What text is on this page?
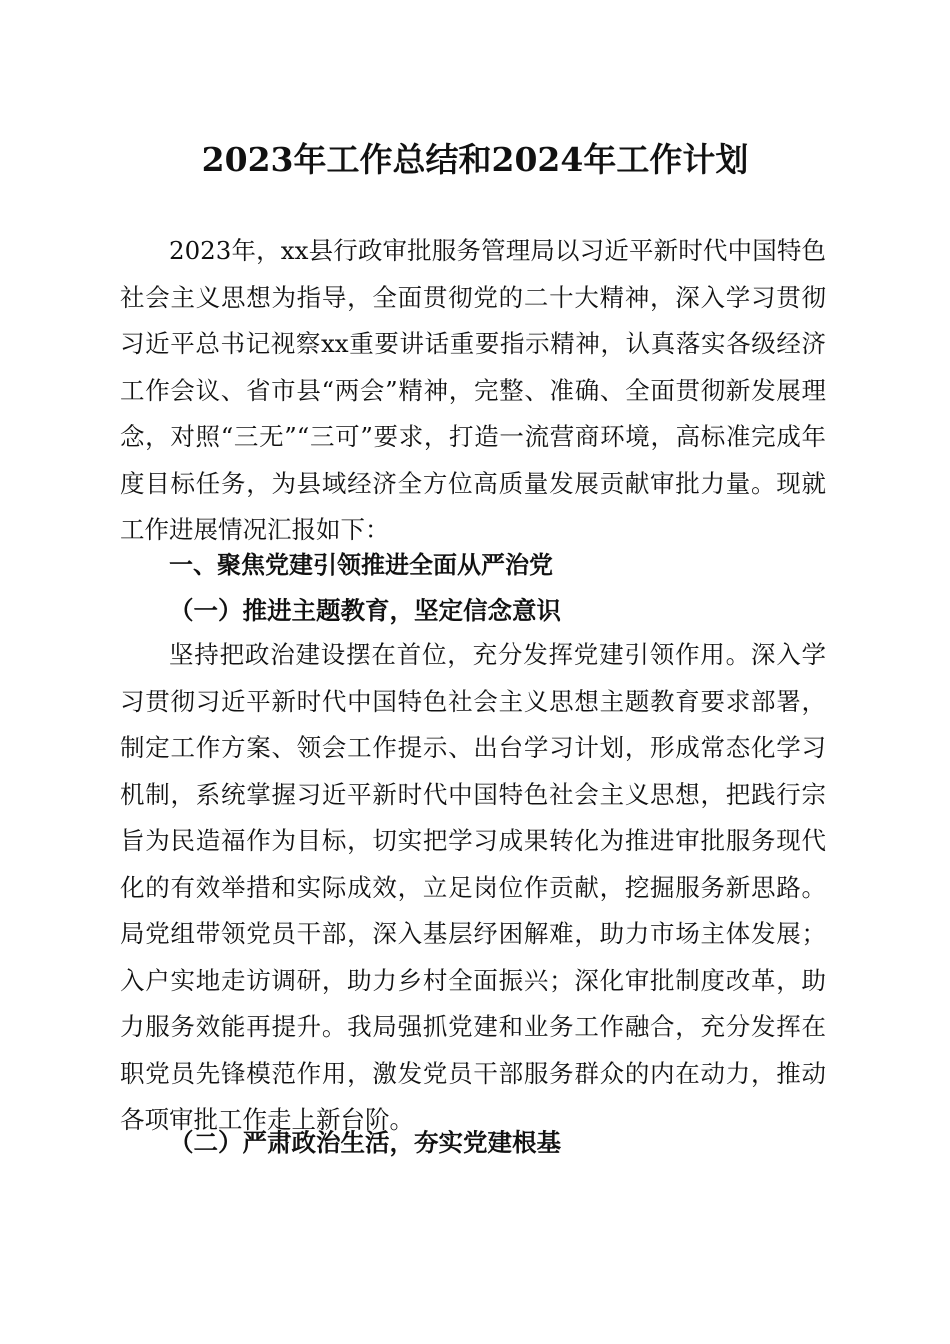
2023年工作总结和2024年工作计划

2023年，xx县行政审批服务管理局以习近平新时代中国特色社会主义思想为指导，全面贯彻党的二十大精神，深入学习贯彻习近平总书记视察xx重要讲话重要指示精神，认真落实各级经济工作会议、省市县“两会”精神，完整、准确、全面贯彻新发展理念，对照“三无”“三可”要求，打造一流营商环境，高标准完成年度目标任务，为县域经济全方位高质量发展贡献审批力量。现就工作进展情况汇报如下：

一、聚焦党建引领推进全面从严治党
（一）推进主题教育，坚定信念意识

坚持把政治建设摆在首位，充分发挥党建引领作用。深入学习贯彻习近平新时代中国特色社会主义思想主题教育要求部署，制定工作方案、领会工作提示、出台学习计划，形成常态化学习机制，系统掌握习近平新时代中国特色社会主义思想，把践行宗旨为民造福作为目标，切实把学习成果转化为推进审批服务现代化的有效举措和实际成效，立足岗位作贡献，挖掘服务新思路。局党组带领党员干部，深入基层纾困解难，助力市场主体发展；入户实地走访调研，助力乡村全面振兴；深化审批制度改革，助力服务效能再提升。我局强抓党建和业务工作融合，充分发挥在职党员先锋模范作用，激发党员干部服务群众的内在动力，推动各项审批工作走上新台阶。

（二）严肃政治生活，夯实党建根基
